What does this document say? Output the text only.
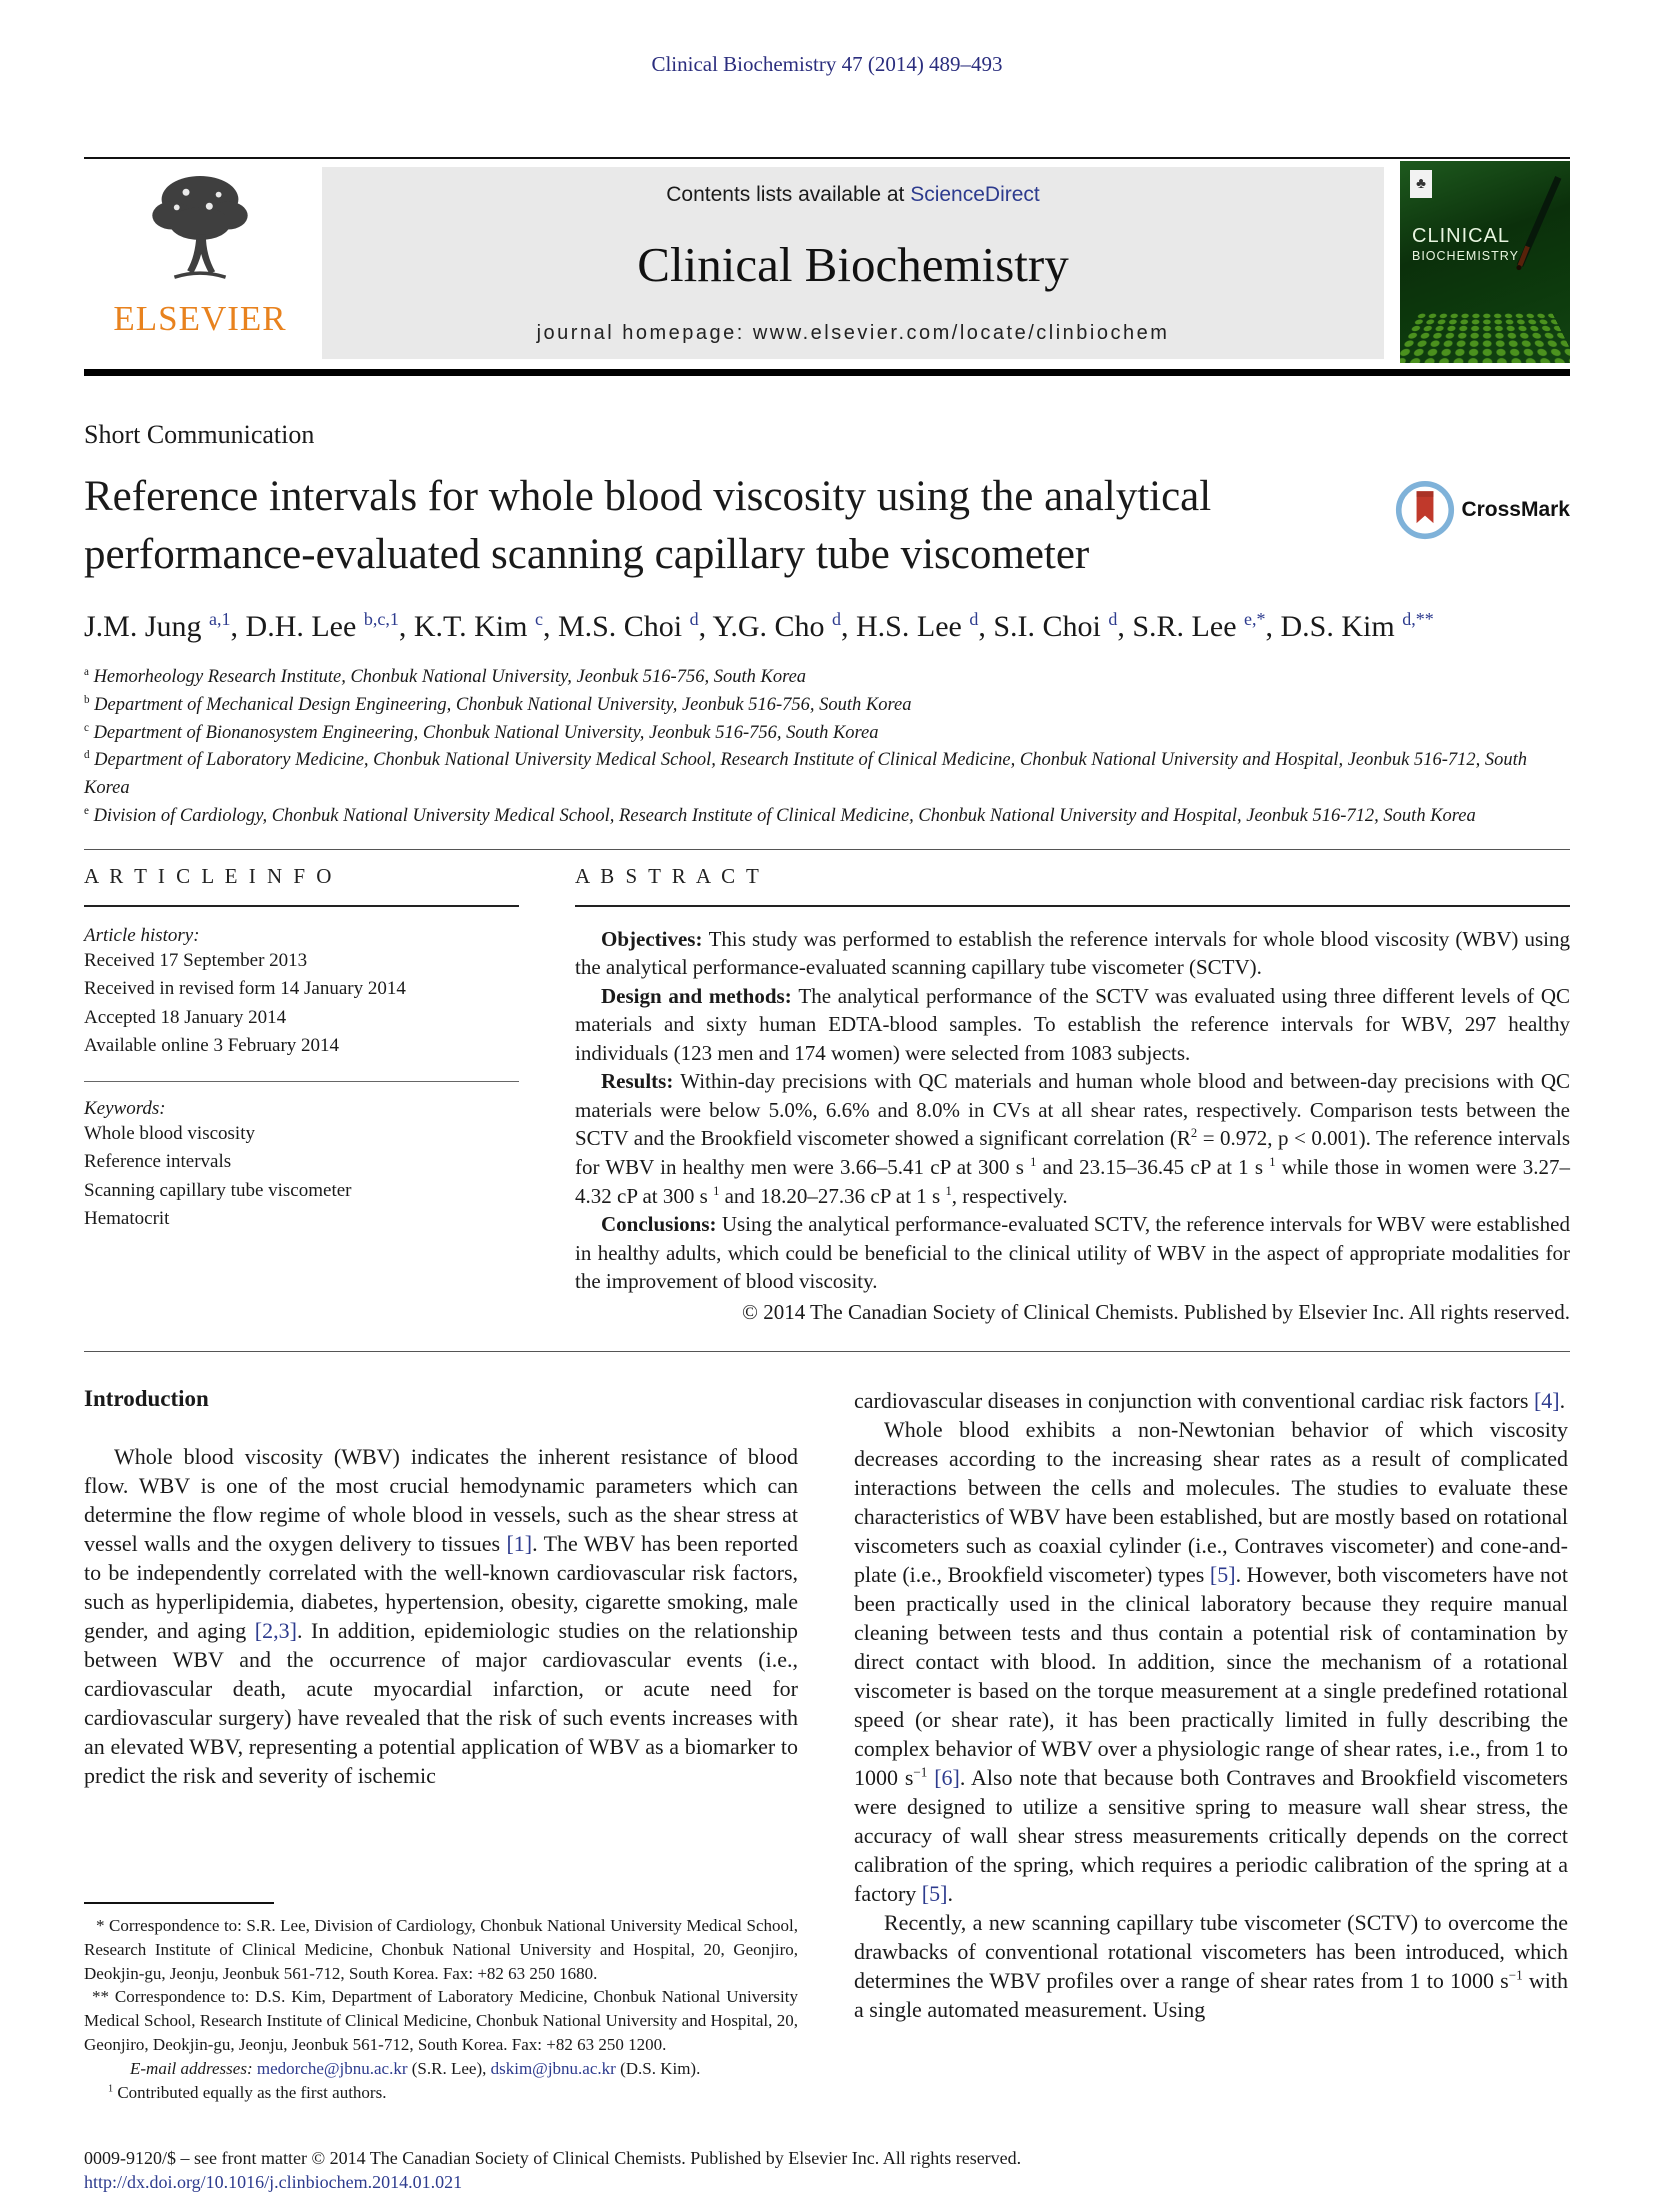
Clinical Biochemistry 47 (2014) 489–493
ELSEVIER
Contents lists available at ScienceDirect
Clinical Biochemistry
journal homepage: www.elsevier.com/locate/clinbiochem
♣
CLINICAL
BIOCHEMISTRY
Short Communication
Reference intervals for whole blood viscosity using the analytical performance-evaluated scanning capillary tube viscometer
CrossMark
J.M. Jung $^{a,1}$, D.H. Lee $^{b,c,1}$, K.T. Kim $^c$, M.S. Choi $^d$, Y.G. Cho $^d$, H.S. Lee $^d$, S.I. Choi $^d$, S.R. Lee $^{e,*}$, D.S. Kim $^{d,**}$
$^a$ Hemorheology Research Institute, Chonbuk National University, Jeonbuk 516-756, South Korea
$^b$ Department of Mechanical Design Engineering, Chonbuk National University, Jeonbuk 516-756, South Korea
$^c$ Department of Bionanosystem Engineering, Chonbuk National University, Jeonbuk 516-756, South Korea
$^d$ Department of Laboratory Medicine, Chonbuk National University Medical School, Research Institute of Clinical Medicine, Chonbuk National University and Hospital, Jeonbuk 516-712, South Korea
$^e$ Division of Cardiology, Chonbuk National University Medical School, Research Institute of Clinical Medicine, Chonbuk National University and Hospital, Jeonbuk 516-712, South Korea
A R T I C L E I N F O
Article history:
Received 17 September 2013
Received in revised form 14 January 2014
Accepted 18 January 2014
Available online 3 February 2014
Keywords:
Whole blood viscosity
Reference intervals
Scanning capillary tube viscometer
Hematocrit
A B S T R A C T

Objectives: This study was performed to establish the reference intervals for whole blood viscosity (WBV) using the analytical performance-evaluated scanning capillary tube viscometer (SCTV).

Design and methods: The analytical performance of the SCTV was evaluated using three different levels of QC materials and sixty human EDTA-blood samples. To establish the reference intervals for WBV, 297 healthy individuals (123 men and 174 women) were selected from 1083 subjects.

Results: Within-day precisions with QC materials and human whole blood and between-day precisions with QC materials were below 5.0%, 6.6% and 8.0% in CVs at all shear rates, respectively. Comparison tests between the SCTV and the Brookfield viscometer showed a significant correlation ($R^2 = 0.972$, p < 0.001). The reference intervals for WBV in healthy men were 3.66–5.41 cP at 300 s $^1$ and 23.15–36.45 cP at 1 s $^1$ while those in women were 3.27–4.32 cP at 300 s $^1$ and 18.20–27.36 cP at 1 s $^1$, respectively.

Conclusions: Using the analytical performance-evaluated SCTV, the reference intervals for WBV were established in healthy adults, which could be beneficial to the clinical utility of WBV in the aspect of appropriate modalities for the improvement of blood viscosity.

© 2014 The Canadian Society of Clinical Chemists. Published by Elsevier Inc. All rights reserved.
Introduction

Whole blood viscosity (WBV) indicates the inherent resistance of blood flow. WBV is one of the most crucial hemodynamic parameters which can determine the flow regime of whole blood in vessels, such as the shear stress at vessel walls and the oxygen delivery to tissues [1]. The WBV has been reported to be independently correlated with the well-known cardiovascular risk factors, such as hyperlipidemia, diabetes, hypertension, obesity, cigarette smoking, male gender, and aging [2,3]. In addition, epidemiologic studies on the relationship between WBV and the occurrence of major cardiovascular events (i.e., cardiovascular death, acute myocardial infarction, or acute need for cardiovascular surgery) have revealed that the risk of such events increases with an elevated WBV, representing a potential application of WBV as a biomarker to predict the risk and severity of ischemic

* Correspondence to: S.R. Lee, Division of Cardiology, Chonbuk National University Medical School, Research Institute of Clinical Medicine, Chonbuk National University and Hospital, 20, Geonjiro, Deokjin-gu, Jeonju, Jeonbuk 561-712, South Korea. Fax: +82 63 250 1680.

** Correspondence to: D.S. Kim, Department of Laboratory Medicine, Chonbuk National University Medical School, Research Institute of Clinical Medicine, Chonbuk National University and Hospital, 20, Geonjiro, Deokjin-gu, Jeonju, Jeonbuk 561-712, South Korea. Fax: +82 63 250 1200.

E-mail addresses: medorche@jbnu.ac.kr (S.R. Lee), dskim@jbnu.ac.kr (D.S. Kim).

$^1$ Contributed equally as the first authors.

cardiovascular diseases in conjunction with conventional cardiac risk factors [4].

Whole blood exhibits a non-Newtonian behavior of which viscosity decreases according to the increasing shear rates as a result of complicated interactions between the cells and molecules. The studies to evaluate these characteristics of WBV have been established, but are mostly based on rotational viscometers such as coaxial cylinder (i.e., Contraves viscometer) and cone-and-plate (i.e., Brookfield viscometer) types [5]. However, both viscometers have not been practically used in the clinical laboratory because they require manual cleaning between tests and thus contain a potential risk of contamination by direct contact with blood. In addition, since the mechanism of a rotational viscometer is based on the torque measurement at a single predefined rotational speed (or shear rate), it has been practically limited in fully describing the complex behavior of WBV over a physiologic range of shear rates, i.e., from 1 to 1000 $s^{-1}$ [6]. Also note that because both Contraves and Brookfield viscometers were designed to utilize a sensitive spring to measure wall shear stress, the accuracy of wall shear stress measurements critically depends on the correct calibration of the spring, which requires a periodic calibration of the spring at a factory [5].

Recently, a new scanning capillary tube viscometer (SCTV) to overcome the drawbacks of conventional rotational viscometers has been introduced, which determines the WBV profiles over a range of shear rates from 1 to 1000 $s^{-1}$ with a single automated measurement. Using

0009-9120/$ – see front matter © 2014 The Canadian Society of Clinical Chemists. Published by Elsevier Inc. All rights reserved.
http://dx.doi.org/10.1016/j.clinbiochem.2014.01.021
